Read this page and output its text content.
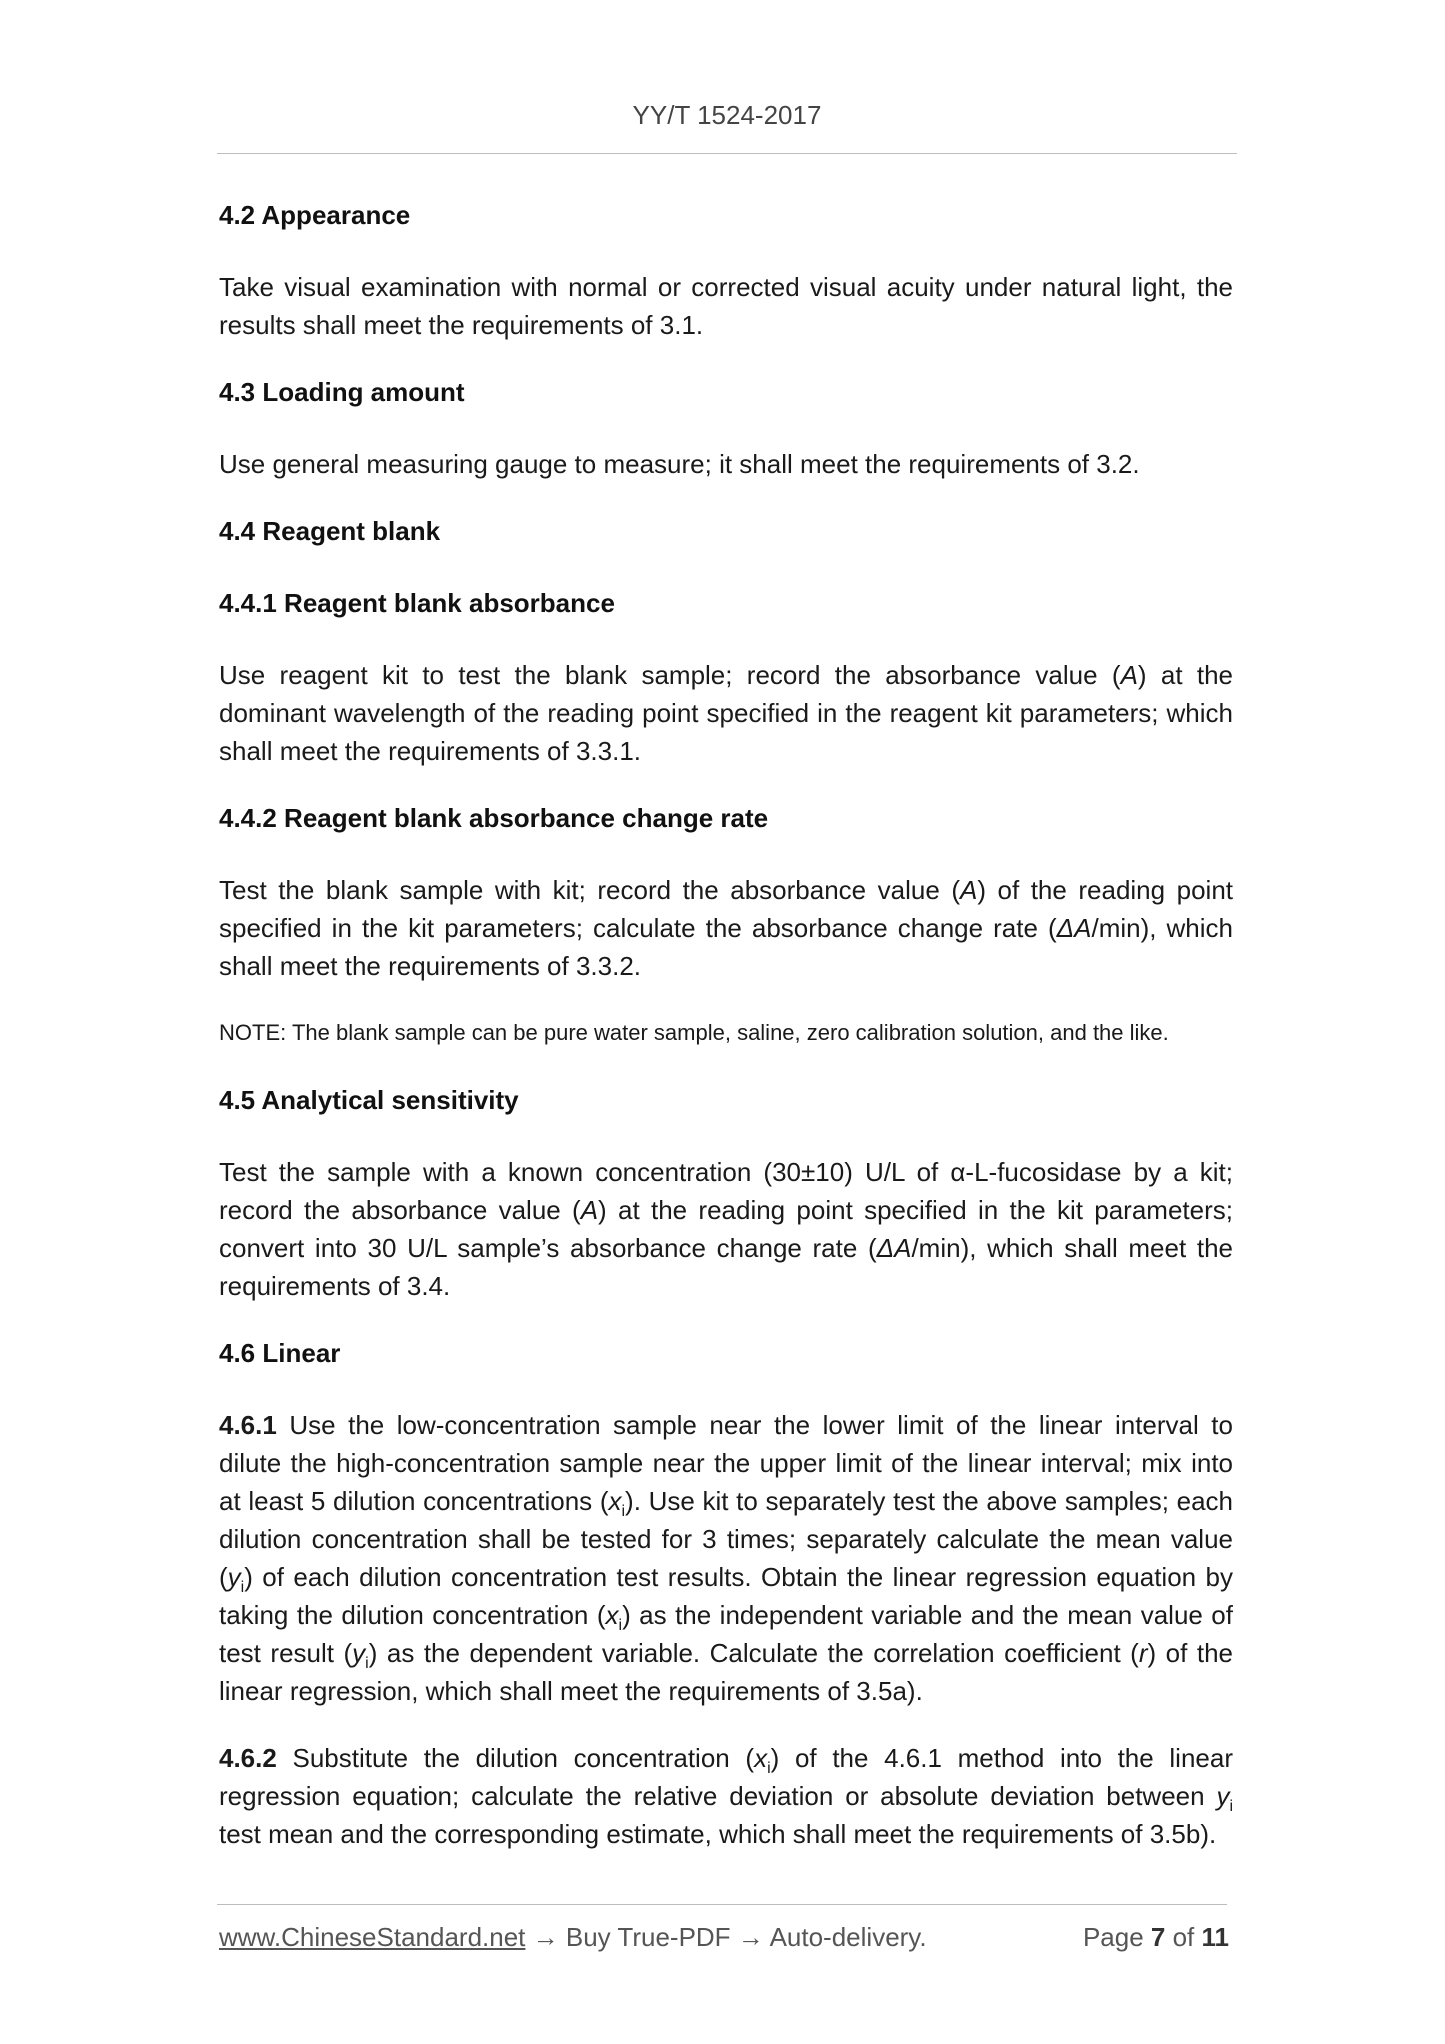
YY/T 1524-2017
4.2 Appearance

Take visual examination with normal or corrected visual acuity under natural light, the results shall meet the requirements of 3.1.

4.3 Loading amount

Use general measuring gauge to measure; it shall meet the requirements of 3.2.

4.4 Reagent blank
4.4.1 Reagent blank absorbance

Use reagent kit to test the blank sample; record the absorbance value (A) at the dominant wavelength of the reading point specified in the reagent kit parameters; which shall meet the requirements of 3.3.1.

4.4.2 Reagent blank absorbance change rate

Test the blank sample with kit; record the absorbance value (A) of the reading point specified in the kit parameters; calculate the absorbance change rate (ΔA/min), which shall meet the requirements of 3.3.2.

NOTE: The blank sample can be pure water sample, saline, zero calibration solution, and the like.

4.5 Analytical sensitivity

Test the sample with a known concentration (30±10) U/L of α-L-fucosidase by a kit; record the absorbance value (A) at the reading point specified in the kit parameters; convert into 30 U/L sample’s absorbance change rate (ΔA/min), which shall meet the requirements of 3.4.

4.6 Linear

4.6.1 Use the low-concentration sample near the lower limit of the linear interval to dilute the high-concentration sample near the upper limit of the linear interval; mix into at least 5 dilution concentrations $(x_i)$. Use kit to separately test the above samples; each dilution concentration shall be tested for 3 times; separately calculate the mean value $(y_i)$ of each dilution concentration test results. Obtain the linear regression equation by taking the dilution concentration $(x_i)$ as the independent variable and the mean value of test result $(y_i)$ as the dependent variable. Calculate the correlation coefficient (r) of the linear regression, which shall meet the requirements of 3.5a).

4.6.2 Substitute the dilution concentration $(x_i)$ of the 4.6.1 method into the linear regression equation; calculate the relative deviation or absolute deviation between $y_i$ test mean and the corresponding estimate, which shall meet the requirements of 3.5b).

www.ChineseStandard.net → Buy True-PDF → Auto-delivery.	Page 7 of 11
